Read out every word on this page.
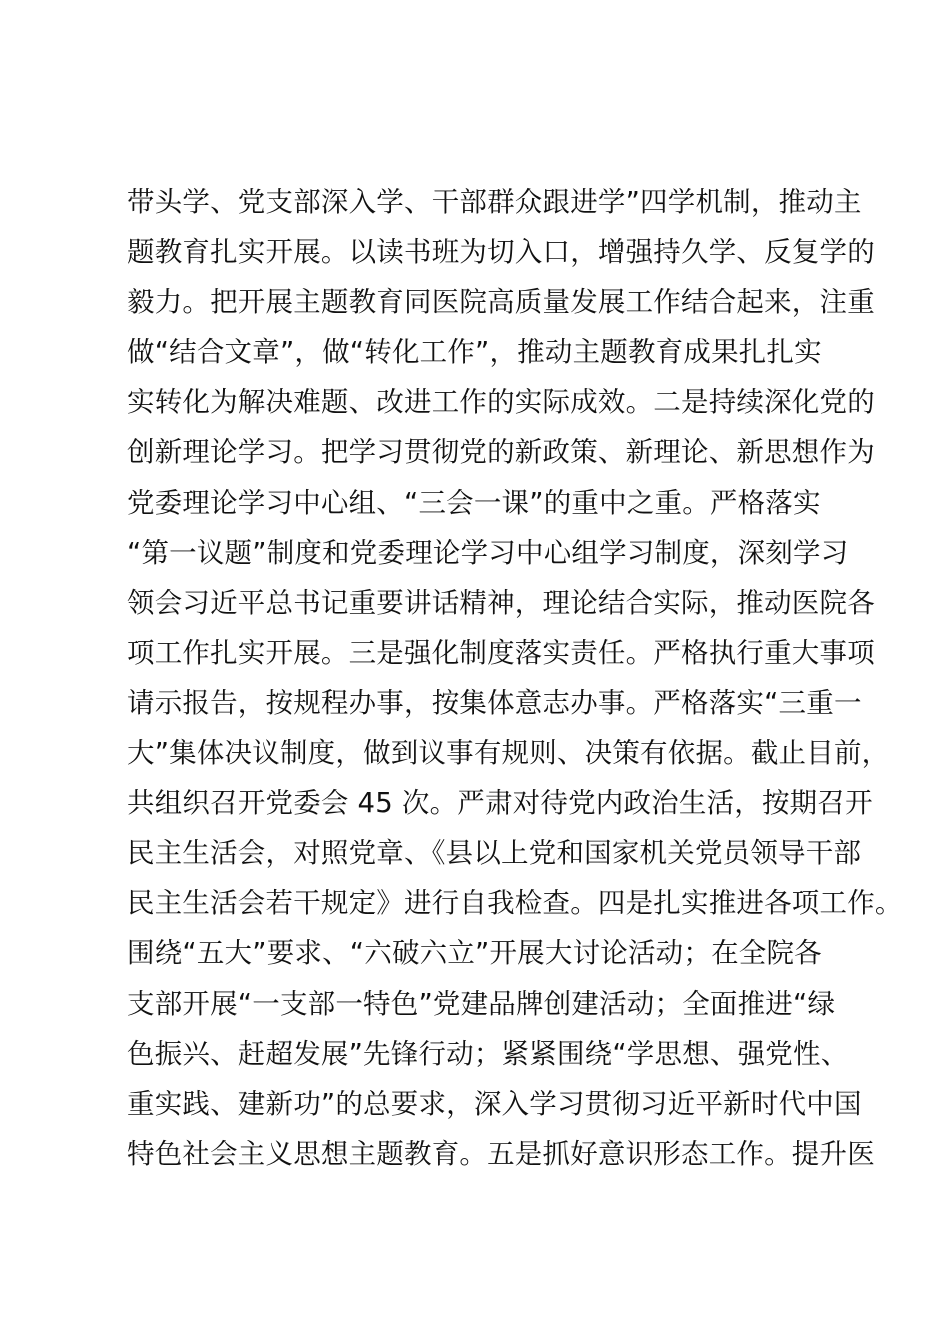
带头学、党支部深入学、干部群众跟进学”四学机制，推动主
题教育扎实开展。以读书班为切入口，增强持久学、反复学的
毅力。把开展主题教育同医院高质量发展工作结合起来，注重
做“结合文章”，做“转化工作”，推动主题教育成果扎扎实
实转化为解决难题、改进工作的实际成效。二是持续深化党的
创新理论学习。把学习贯彻党的新政策、新理论、新思想作为
党委理论学习中心组、“三会一课”的重中之重。严格落实
“第一议题”制度和党委理论学习中心组学习制度，深刻学习
领会习近平总书记重要讲话精神，理论结合实际，推动医院各
项工作扎实开展。三是强化制度落实责任。严格执行重大事项
请示报告，按规程办事，按集体意志办事。严格落实“三重一
大”集体决议制度，做到议事有规则、决策有依据。截止目前，
共组织召开党委会 45 次。严肃对待党内政治生活，按期召开
民主生活会，对照党章、《县以上党和国家机关党员领导干部
民主生活会若干规定》进行自我检查。四是扎实推进各项工作。
围绕“五大”要求、“六破六立”开展大讨论活动；在全院各
支部开展“一支部一特色”党建品牌创建活动；全面推进“绿
色振兴、赶超发展”先锋行动；紧紧围绕“学思想、强党性、
重实践、建新功”的总要求，深入学习贯彻习近平新时代中国
特色社会主义思想主题教育。五是抓好意识形态工作。提升医
